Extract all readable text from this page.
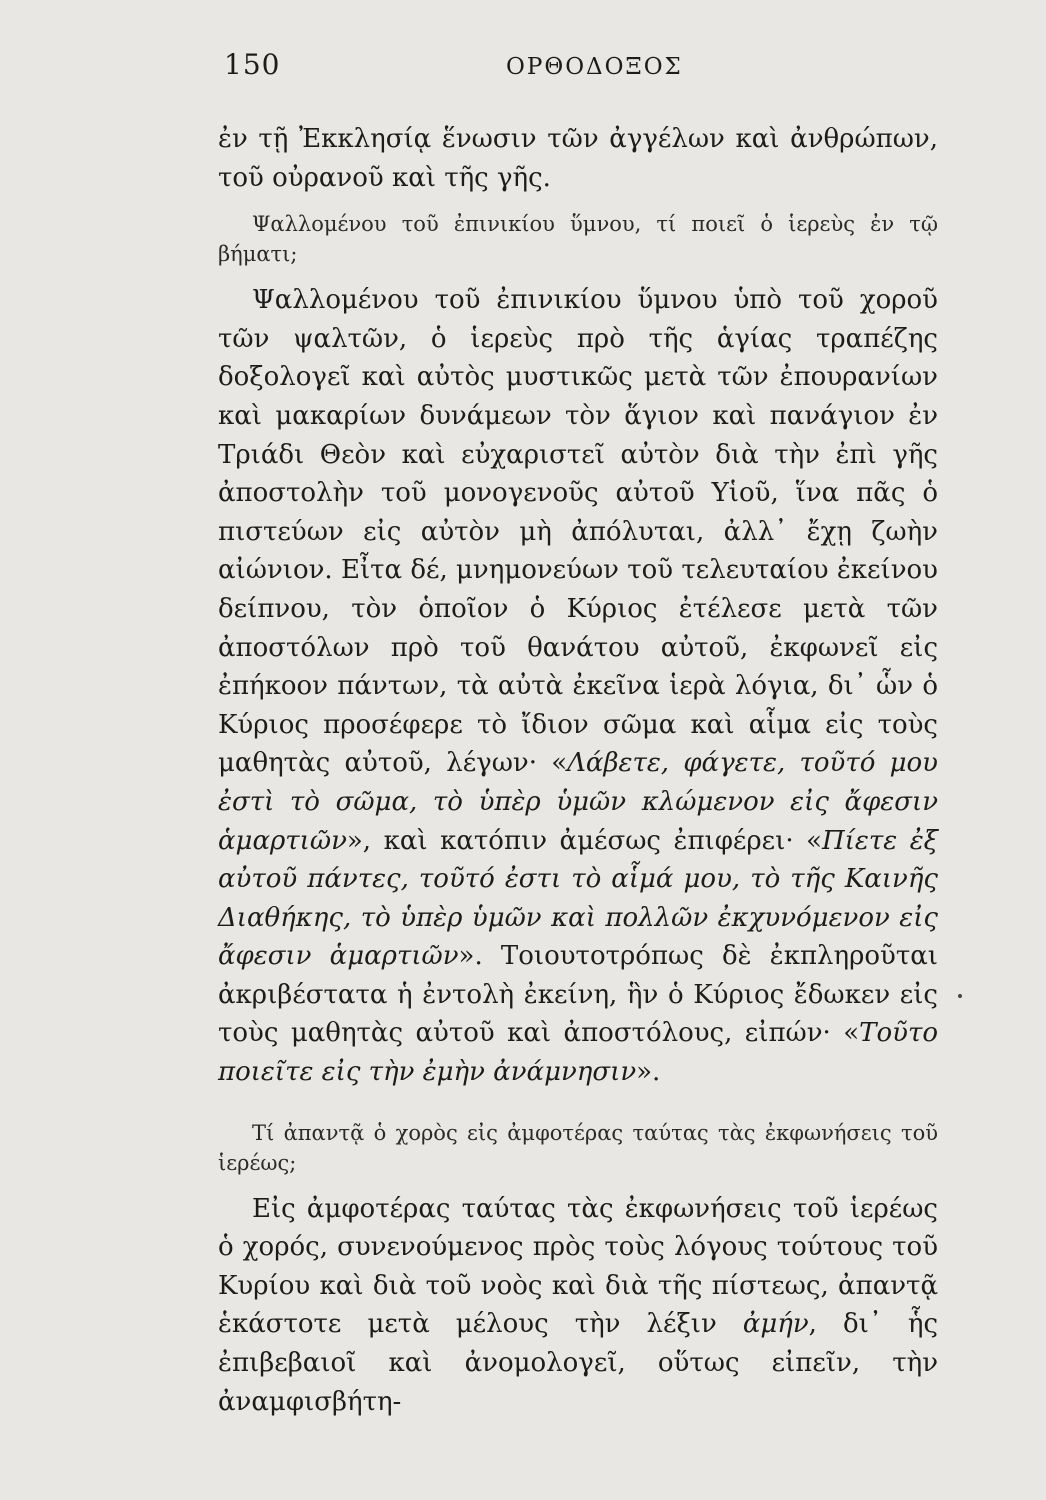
150	ΟΡΘΟΔΟΞΟΣ

ἐν τῇ Ἐκκλησίᾳ ἕνωσιν τῶν ἀγγέλων καὶ ἀνθρώπων, τοῦ οὐρανοῦ καὶ τῆς γῆς.

Ψαλλομένου τοῦ ἐπινικίου ὕμνου, τί ποιεῖ ὁ ἱερεὺς ἐν τῷ βήματι;

Ψαλλομένου τοῦ ἐπινικίου ὕμνου ὑπὸ τοῦ χοροῦ τῶν ψαλτῶν, ὁ ἱερεὺς πρὸ τῆς ἁγίας τραπέζης δοξολογεῖ καὶ αὐτὸς μυστικῶς μετὰ τῶν ἐπουρανίων καὶ μακαρίων δυνάμεων τὸν ἅγιον καὶ πανάγιον ἐν Τριάδι Θεὸν καὶ εὐχαριστεῖ αὐτὸν διὰ τὴν ἐπὶ γῆς ἀποστολὴν τοῦ μονογενοῦς αὐτοῦ Υἱοῦ, ἵνα πᾶς ὁ πιστεύων εἰς αὐτὸν μὴ ἀπόλυται, ἀλλ᾽ ἔχῃ ζωὴν αἰώνιον. Εἶτα δέ, μνημονεύων τοῦ τελευταίου ἐκείνου δείπνου, τὸν ὁποῖον ὁ Κύριος ἐτέλεσε μετὰ τῶν ἀποστόλων πρὸ τοῦ θανάτου αὐτοῦ, ἐκφωνεῖ εἰς ἐπήκοον πάντων, τὰ αὐτὰ ἐκεῖνα ἱερὰ λόγια, δι᾽ ὧν ὁ Κύριος προσέφερε τὸ ἴδιον σῶμα καὶ αἷμα εἰς τοὺς μαθητὰς αὐτοῦ, λέγων· «Λάβετε, φάγετε, τοῦτό μου ἐστὶ τὸ σῶμα, τὸ ὑπὲρ ὑμῶν κλώμενον εἰς ἄφεσιν ἁμαρτιῶν», καὶ κατόπιν ἀμέσως ἐπιφέρει· «Πίετε ἐξ αὐτοῦ πάντες, τοῦτό ἐστι τὸ αἷμά μου, τὸ τῆς Καινῆς Διαθήκης, τὸ ὑπὲρ ὑμῶν καὶ πολλῶν ἐκχυνόμενον εἰς ἄφεσιν ἁμαρτιῶν». Τοιουτοτρόπως δὲ ἐκπληροῦται ἀκριβέστατα ἡ ἐντολὴ ἐκείνη, ἣν ὁ Κύριος ἔδωκεν εἰς τοὺς μαθητὰς αὐτοῦ καὶ ἀποστόλους, εἰπών· «Τοῦτο ποιεῖτε εἰς τὴν ἐμὴν ἀνάμνησιν».

Τί ἀπαντᾷ ὁ χορὸς εἰς ἀμφοτέρας ταύτας τὰς ἐκφωνήσεις τοῦ ἱερέως;

Εἰς ἀμφοτέρας ταύτας τὰς ἐκφωνήσεις τοῦ ἱερέως ὁ χορός, συνενούμενος πρὸς τοὺς λόγους τούτους τοῦ Κυρίου καὶ διὰ τοῦ νοὸς καὶ διὰ τῆς πίστεως, ἀπαντᾷ ἑκάστοτε μετὰ μέλους τὴν λέξιν ἀμήν, δι᾽ ἧς ἐπιβεβαιοῖ καὶ ἀνομολογεῖ, οὕτως εἰπεῖν, τὴν ἀναμφισβήτη-
